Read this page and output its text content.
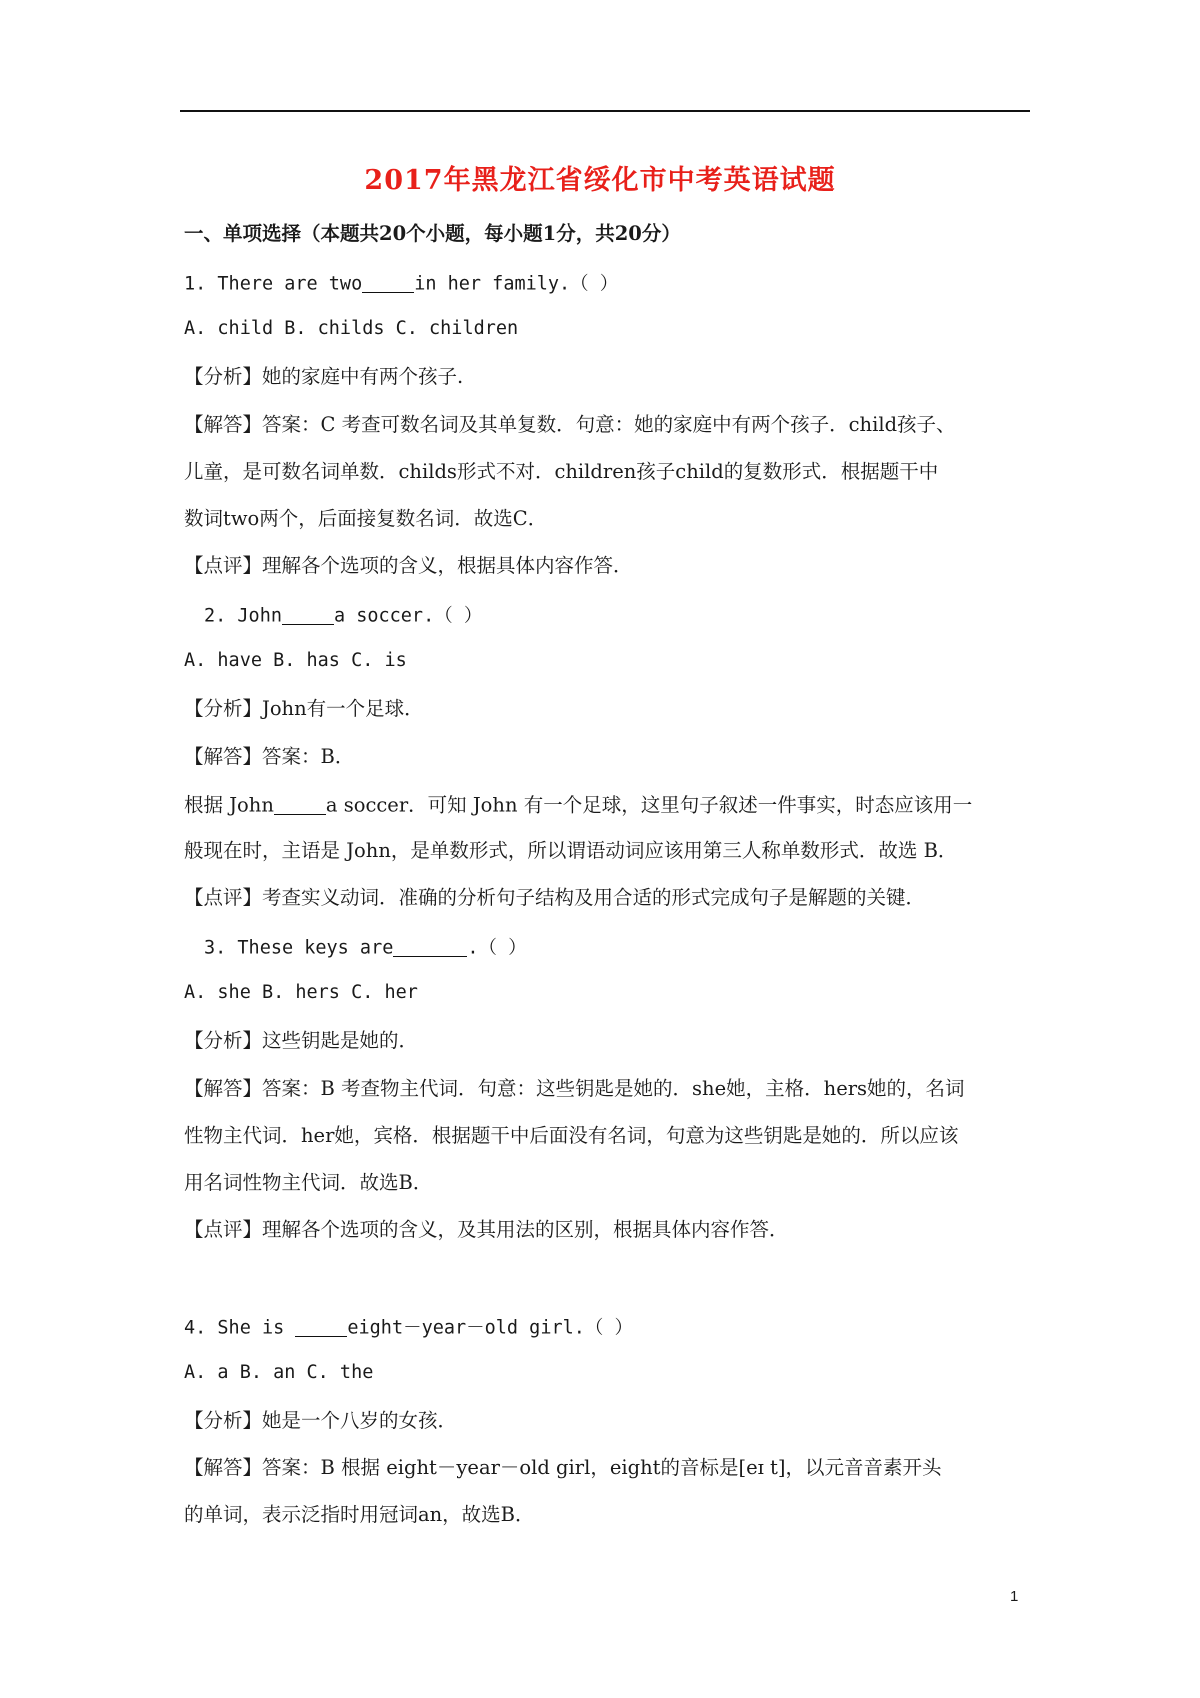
2017年黑龙江省绥化市中考英语试题
一、单项选择（本题共20个小题，每小题1分，共20分）
1. There are two	in her family.（ ）
A. child B. childs C. children
【分析】她的家庭中有两个孩子.
【解答】答案：C 考查可数名词及其单复数．句意：她的家庭中有两个孩子．child孩子、
儿童，是可数名词单数．childs形式不对．children孩子child的复数形式．根据题干中
数词two两个，后面接复数名词．故选C．
【点评】理解各个选项的含义，根据具体内容作答．
2. John	a soccer.（ ）
A. have B. has C. is
【分析】John有一个足球．
【解答】答案：B．
根据 John	a soccer．可知 John 有一个足球，这里句子叙述一件事实，时态应该用一
般现在时，主语是 John，是单数形式，所以谓语动词应该用第三人称单数形式．故选 B．
【点评】考查实义动词．准确的分析句子结构及用合适的形式完成句子是解题的关键．
3. These keys are	.（ ）
A. she B. hers C. her
【分析】这些钥匙是她的．
【解答】答案：B 考查物主代词．句意：这些钥匙是她的．she她，主格．hers她的，名词
性物主代词．her她，宾格．根据题干中后面没有名词，句意为这些钥匙是她的．所以应该
用名词性物主代词．故选B．
【点评】理解各个选项的含义，及其用法的区别，根据具体内容作答．
4. She is	eight－year－old girl.（ ）
A. a B. an C. the
【分析】她是一个八岁的女孩．
【解答】答案：B 根据 eight－year－old girl，eight的音标是[eɪ t]，以元音音素开头
的单词，表示泛指时用冠词an，故选B．
1
